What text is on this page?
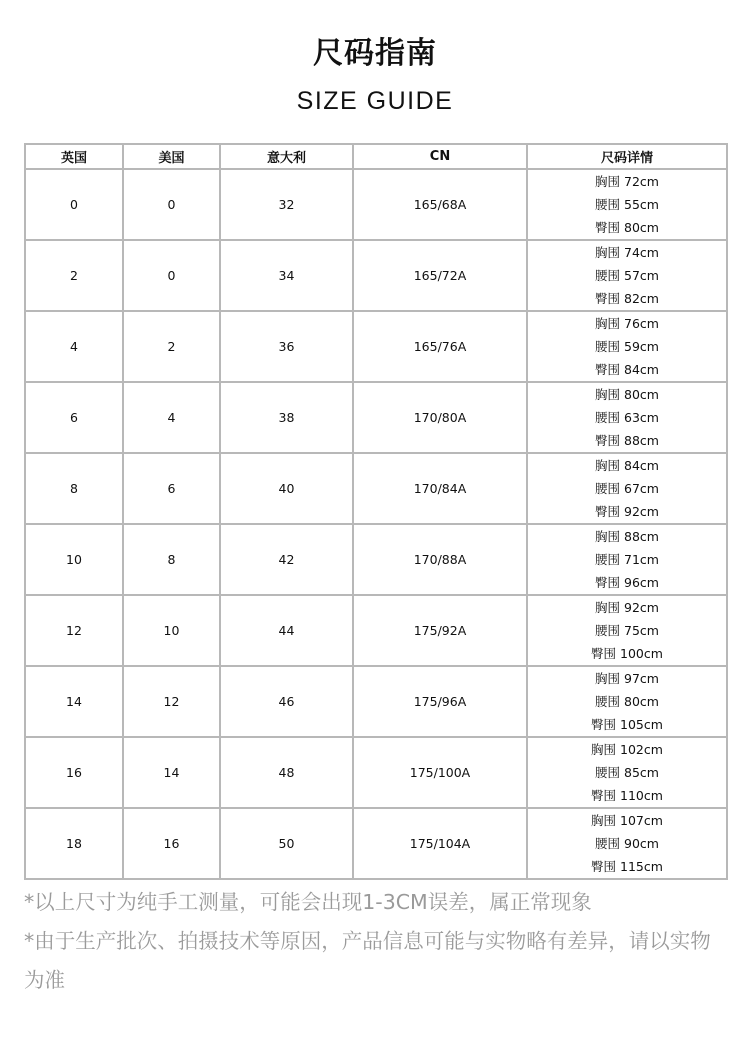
尺码指南
SIZE GUIDE
英国	美国	意大利	CN	尺码详情
0	0	32	165/68A	胸围 72cm
腰围 55cm
臀围 80cm

2	0	34	165/72A	胸围 74cm
腰围 57cm
臀围 82cm

4	2	36	165/76A	胸围 76cm
腰围 59cm
臀围 84cm

6	4	38	170/80A	胸围 80cm
腰围 63cm
臀围 88cm

8	6	40	170/84A	胸围 84cm
腰围 67cm
臀围 92cm

10	8	42	170/88A	胸围 88cm
腰围 71cm
臀围 96cm

12	10	44	175/92A	胸围 92cm
腰围 75cm
臀围 100cm

14	12	46	175/96A	胸围 97cm
腰围 80cm
臀围 105cm

16	14	48	175/100A	胸围 102cm
腰围 85cm
臀围 110cm

18	16	50	175/104A	胸围 107cm
腰围 90cm
臀围 115cm

*以上尺寸为纯手工测量，可能会出现1-3CM误差，属正常现象

*由于生产批次、拍摄技术等原因，产品信息可能与实物略有差异，请以实物为准
